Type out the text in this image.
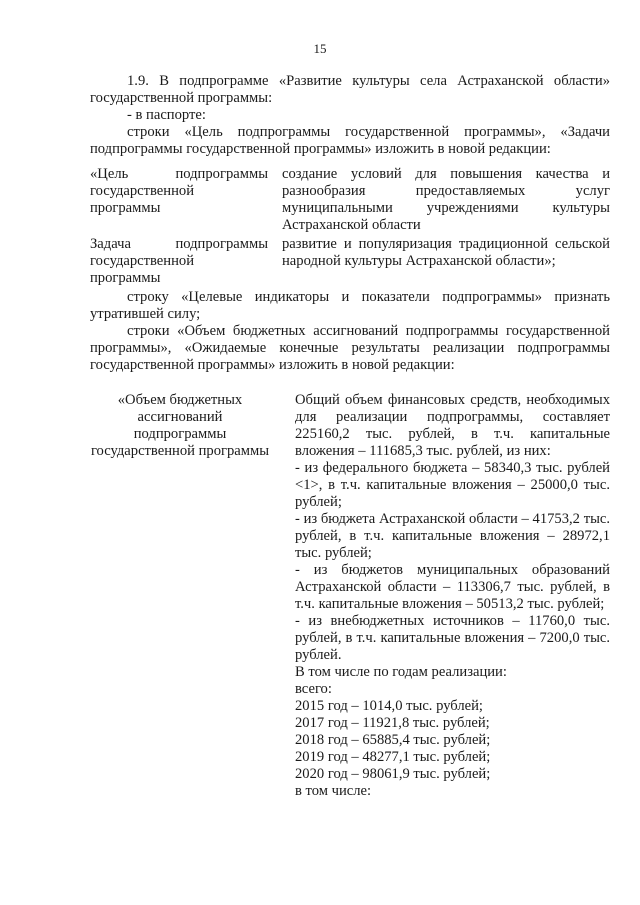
15

1.9. В подпрограмме «Развитие культуры села Астраханской области» государственной программы:

- в паспорте:

строки «Цель подпрограммы государственной программы», «Задачи подпрограммы государственной программы» изложить в новой редакции:

«Цель подпрограммы государственной программы
создание условий для повышения качества и разнообразия предоставляемых услуг муниципальными учреждениями культуры Астраханской области
Задача подпрограммы государственной программы
развитие и популяризация традиционной сельской народной культуры Астраханской области»;

строку «Целевые индикаторы и показатели подпрограммы» признать утратившей силу;

строки «Объем бюджетных ассигнований подпрограммы государственной программы», «Ожидаемые конечные результаты реализации подпрограммы государственной программы» изложить в новой редакции:

«Объем бюджетных ассигнований подпрограммы государственной программы

Общий объем финансовых средств, необходимых для реализации подпрограммы, составляет 225160,2 тыс. рублей, в т.ч. капитальные вложения – 111685,3 тыс. рублей, из них:

- из федерального бюджета – 58340,3 тыс. рублей <1>, в т.ч. капитальные вложения – 25000,0 тыс. рублей;

- из бюджета Астраханской области – 41753,2 тыс. рублей, в т.ч. капитальные вложения – 28972,1 тыс. рублей;

- из бюджетов муниципальных образований Астраханской области – 113306,7 тыс. рублей, в т.ч. капитальные вложения – 50513,2 тыс. рублей;

- из внебюджетных источников – 11760,0 тыс. рублей, в т.ч. капитальные вложения – 7200,0 тыс. рублей.

В том числе по годам реализации:

всего:

2015 год – 1014,0 тыс. рублей;

2017 год – 11921,8 тыс. рублей;

2018 год – 65885,4 тыс. рублей;

2019 год – 48277,1 тыс. рублей;

2020 год – 98061,9 тыс. рублей;

в том числе:
